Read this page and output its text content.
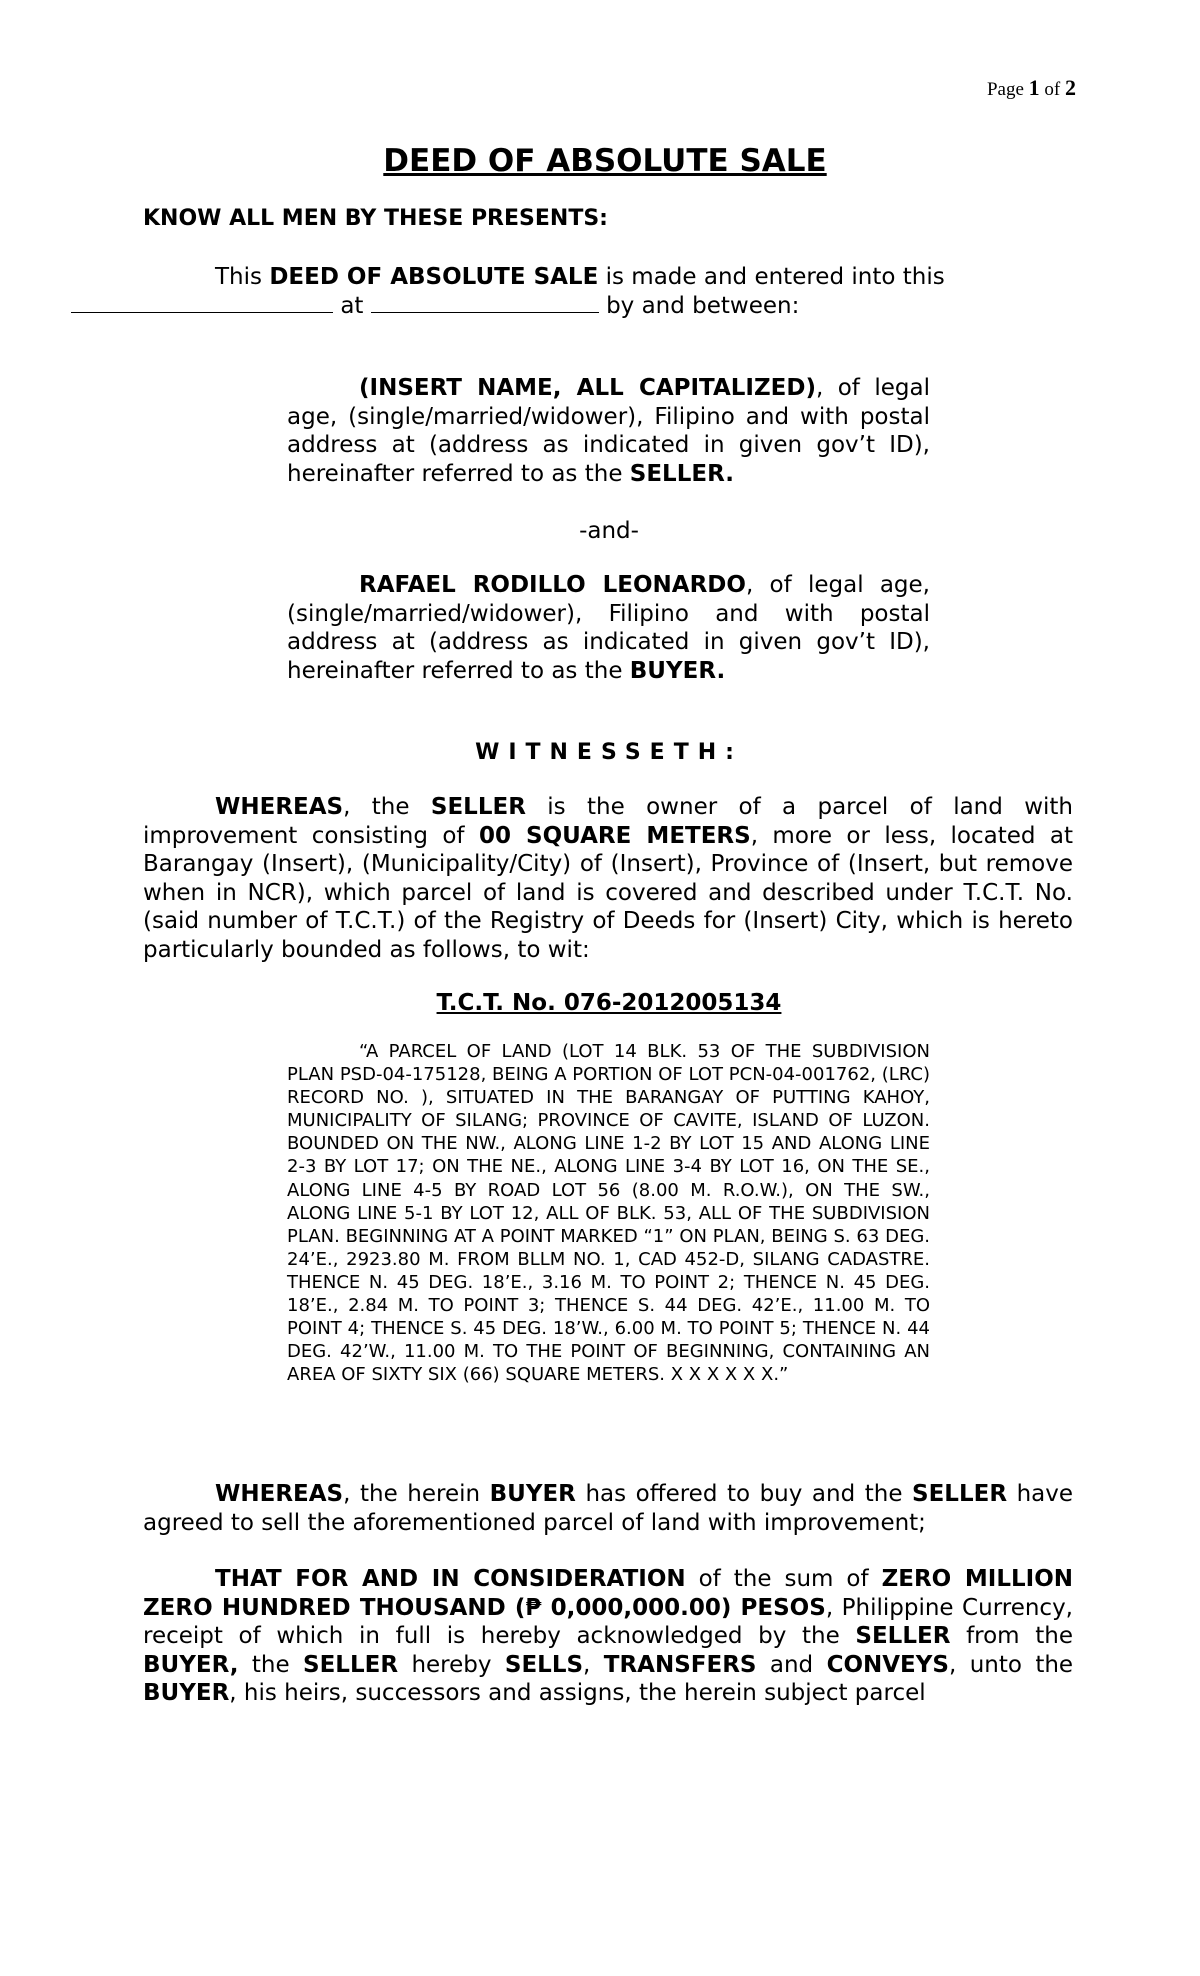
Page 1 of 2
DEED OF ABSOLUTE SALE
KNOW ALL MEN BY THESE PRESENTS:
This DEED OF ABSOLUTE SALE is made and entered into this
at	by and between:
(INSERT NAME, ALL CAPITALIZED), of legal age, (single/married/widower), Filipino and with postal address at (address as indicated in given gov’t ID), hereinafter referred to as the SELLER.
-and-
RAFAEL RODILLO LEONARDO, of legal age, (single/married/widower), Filipino and with postal address at (address as indicated in given gov’t ID), hereinafter referred to as the BUYER.
WITNESSETH:
WHEREAS, the SELLER is the owner of a parcel of land with improvement consisting of 00 SQUARE METERS, more or less, located at Barangay (Insert), (Municipality/City) of (Insert), Province of (Insert, but remove when in NCR), which parcel of land is covered and described under T.C.T. No. (said number of T.C.T.) of the Registry of Deeds for (Insert) City, which is hereto particularly bounded as follows, to wit:
T.C.T. No. 076-2012005134
“A PARCEL OF LAND (LOT 14 BLK. 53 OF THE SUBDIVISION PLAN PSD-04-175128, BEING A PORTION OF LOT PCN-04-001762, (LRC) RECORD NO. ), SITUATED IN THE BARANGAY OF PUTTING KAHOY, MUNICIPALITY OF SILANG; PROVINCE OF CAVITE, ISLAND OF LUZON. BOUNDED ON THE NW., ALONG LINE 1-2 BY LOT 15 AND ALONG LINE 2-3 BY LOT 17; ON THE NE., ALONG LINE 3-4 BY LOT 16, ON THE SE., ALONG LINE 4-5 BY ROAD LOT 56 (8.00 M. R.O.W.), ON THE SW., ALONG LINE 5-1 BY LOT 12, ALL OF BLK. 53, ALL OF THE SUBDIVISION PLAN. BEGINNING AT A POINT MARKED “1” ON PLAN, BEING S. 63 DEG. 24’E., 2923.80 M. FROM BLLM NO. 1, CAD 452-D, SILANG CADASTRE. THENCE N. 45 DEG. 18’E., 3.16 M. TO POINT 2; THENCE N. 45 DEG. 18’E., 2.84 M. TO POINT 3; THENCE S. 44 DEG. 42’E., 11.00 M. TO POINT 4; THENCE S. 45 DEG. 18’W., 6.00 M. TO POINT 5; THENCE N. 44 DEG. 42’W., 11.00 M. TO THE POINT OF BEGINNING, CONTAINING AN AREA OF SIXTY SIX (66) SQUARE METERS. X X X X X X.”
WHEREAS, the herein BUYER has offered to buy and the SELLER have agreed to sell the aforementioned parcel of land with improvement;
THAT FOR AND IN CONSIDERATION of the sum of ZERO MILLION ZERO HUNDRED THOUSAND (₱ 0,000,000.00) PESOS, Philippine Currency, receipt of which in full is hereby acknowledged by the SELLER from the BUYER, the SELLER hereby SELLS, TRANSFERS and CONVEYS, unto the BUYER, his heirs, successors and assigns, the herein subject parcel
